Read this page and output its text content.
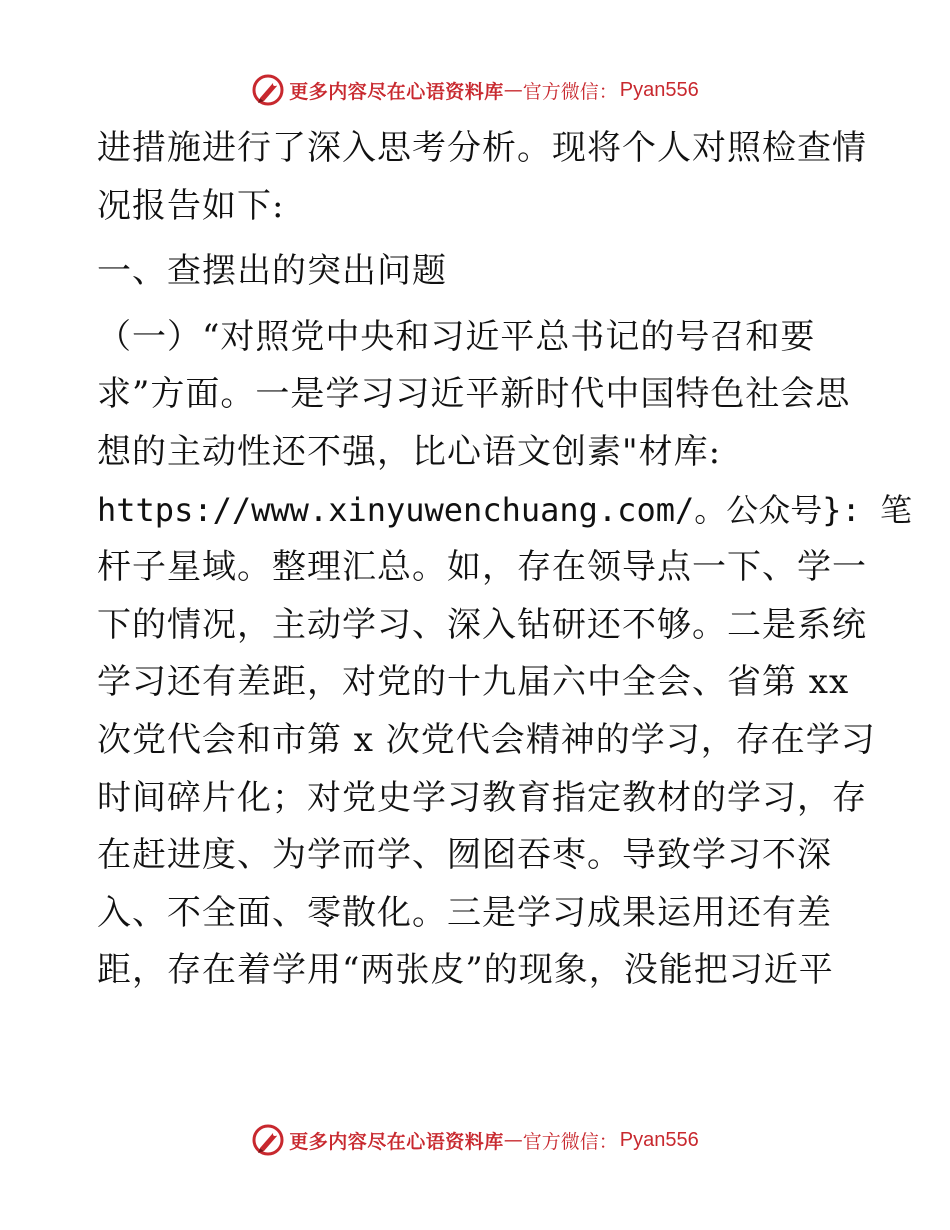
更多内容尽在心语资料库 — 官方微信： Pyan556
进措施进行了深入思考分析。现将个人对照检查情
况报告如下:
一、查摆出的突出问题
（一）“对照党中央和习近平总书记的号召和要
求”方面。一是学习习近平新时代中国特色社会思
想的主动性还不强，比心语文创素"材库:
https://www.xinyuwenchuang.com/。公众号}: 笔
杆子星域。整理汇总。如，存在领导点一下、学一
下的情况，主动学习、深入钻研还不够。二是系统
学习还有差距，对党的十九届六中全会、省第 xx
次党代会和市第 x 次党代会精神的学习，存在学习
时间碎片化；对党史学习教育指定教材的学习，存
在赶进度、为学而学、囫囵吞枣。导致学习不深
入、不全面、零散化。三是学习成果运用还有差
距，存在着学用“两张皮”的现象，没能把习近平
更多内容尽在心语资料库 — 官方微信： Pyan556
